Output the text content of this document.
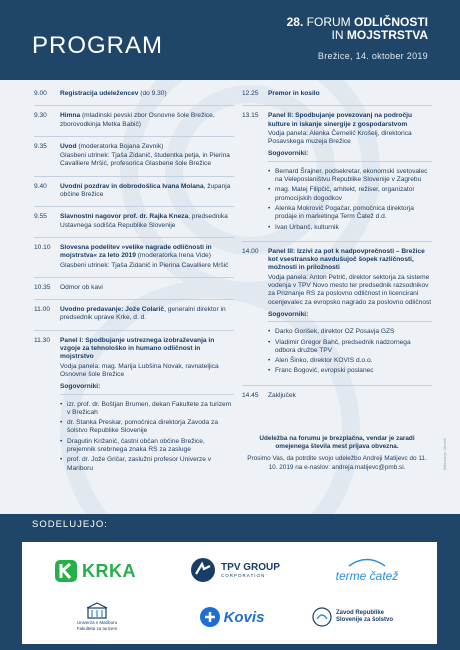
PROGRAM
28. FORUM ODLIČNOSTI
IN MOJSTRSTVA
Brežice, 14. oktober 2019
9.00	Registracija udeležencev (do 9.30)
9.30	Himna (mladinski pevski zbor Osnovne šole Brežice, zborovodkinja Metka Babič)
9.35	Uvod (moderatorka Bojana Zevnik)
Glasbeni utrinek: Tjaša Zidanič, študentka petja, in Pierina Cavalliere Mršić, profesorica Glasbene šole Brežice
9.40	Uvodni pozdrav in dobrodošlica Ivana Molana, županja občine Brežice
9.55	Slavnostni nagovor prof. dr. Rajka Kneza, predsednika Ustavnega sodišča Republike Slovenije
10.10	Slovesna podelitev »velike nagrade odličnosti in mojstrstva« za leto 2019 (moderatorka Irena Vide)
Glasbeni utrinek: Tjaša Zidanič in Pierina Cavalliere Mršić
10.35	Odmor ob kavi
11.00	Uvodno predavanje: Jože Colarič, generalni direktor in predsednik uprave Krke, d. d.
11.30	Panel I: Spodbujanje ustreznega izobraževanja in vzgoje za tehnološko in humano odličnost in mojstrstvo
Vodja panela: mag. Marija Lubšina Novak, ravnateljica Osnovne šole Brežice
Sogovorniki:
• izr. prof. dr. Boštjan Brumen, dekan Fakultete za turizem v Brežicah
• dr. Stanka Preskar, pomočnica direktorja Zavoda za šolstvo Republike Slovenije
• Dragutin Križanić, častni občan občine Brežice, prejemnik srebrnega znaka RS za zasluge
• prof. dr. Jože Gričar, zaslužni profesor Univerze v Mariboru
12.25	Premor in kosilo
13.15	Panel II: Spodbujanje povezovanj na področju kulture in iskanje sinergije z gospodarstvom
Vodja panela: Alenka Černelič Krošelj, direktorica Posavskega muzeja Brežice
Sogovorniki:
• Bernard Šrajner, podsekretar, ekonomski svetovalec na Veleposlaništvu Republike Slovenije v Zagrebu
• mag. Matej Filipčič, arhitekt, režiser, organizator promocijskih dogodkov
• Alenka Mokrovič Pogačar, pomočnica direktorja prodaje in marketinga Term Čatež d.d.
• Ivan Urbanč, kulturnik
14.00	Panel III: Izzivi za pot k nadpovprečnosti – Brežice kot vsestransko navdušujoč šopek različnosti, možnosti in priložnosti
Vodja panela: Anton Petrič, direktor sektorja za sisteme vodenja v TPV Novo mesto ter predsednik razsodnikov za Priznanje RS za poslovno odličnost in licencirani ocenjevalec za evropsko nagrado za poslovno odličnost
Sogovorniki:
• Darko Gorišek, direktor OZ Posavja GZS
• Vladimir Gregor Bahč, predsednik nadzornega odbora družbe TPV
• Alen Šinko, direktor KOVIS d.o.o.
• Franc Bogovič, evropski poslanec
14.45	Zaključek
Udeležba na forumu je brezplačna, vendar je zaradi omejenega števila mest prijava obvezna.
Prosimo Vas, da potrdite svojo udeležbo Andreji Matijevc do 11. 10. 2019 na e-naslov: andreja.matijevc@pmb.si.	Oblikovanje: Slonček
SODELUJEJO:
KRKA	TPV GROUP
CORPORATION	terme čatež
Univerza v Mariboru
Fakulteta za turizem
Kovis	Zavod Republike
Slovenije za šolstvo
